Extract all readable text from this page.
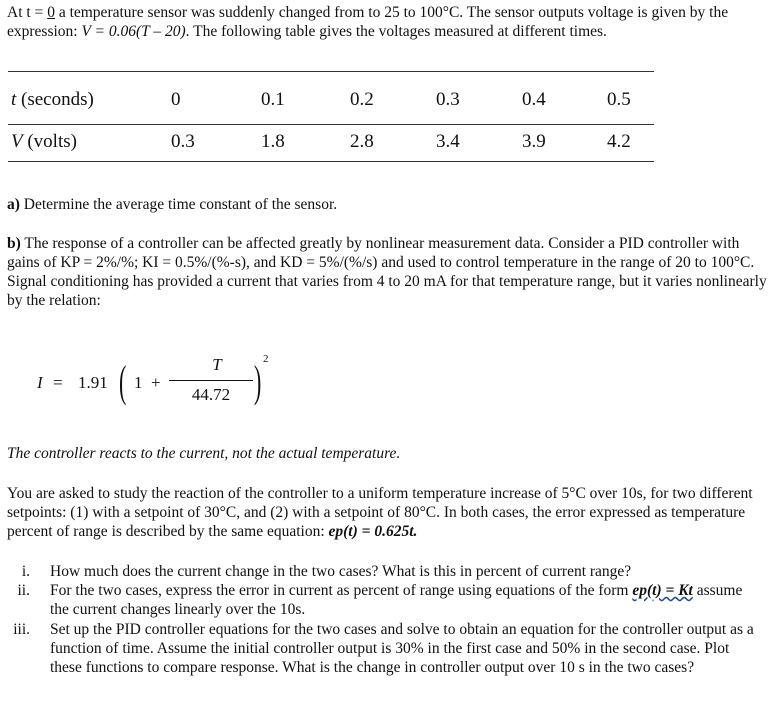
At t = 0 a temperature sensor was suddenly changed from to 25 to 100°C. The sensor outputs voltage is given by the expression: V = 0.06(T – 20). The following table gives the voltages measured at different times.
t (seconds)	0	0.1	0.2	0.3	0.4	0.5
V (volts)	0.3	1.8	2.8	3.4	3.9	4.2
a) Determine the average time constant of the sensor.
b) The response of a controller can be affected greatly by nonlinear measurement data. Consider a PID controller with gains of KP = 2%/%; KI = 0.5%/(%-s), and KD = 5%/(%/s) and used to control temperature in the range of 20 to 100°C. Signal conditioning has provided a current that varies from 4 to 20 mA for that temperature range, but it varies nonlinearly by the relation:
I = 1.91 ( 1 +
T
44.72 ) 2
The controller reacts to the current, not the actual temperature.
You are asked to study the reaction of the controller to a uniform temperature increase of 5°C over 10s, for two different setpoints: (1) with a setpoint of 30°C, and (2) with a setpoint of 80°C. In both cases, the error expressed as temperature percent of range is described by the same equation: ep(t) = 0.625t.
i. How much does the current change in the two cases? What is this in percent of current range?
ii. For the two cases, express the error in current as percent of range using equations of the form ep(t) = Kt assume the current changes linearly over the 10s.
iii. Set up the PID controller equations for the two cases and solve to obtain an equation for the controller output as a function of time. Assume the initial controller output is 30% in the first case and 50% in the second case. Plot these functions to compare response. What is the change in controller output over 10 s in the two cases?
